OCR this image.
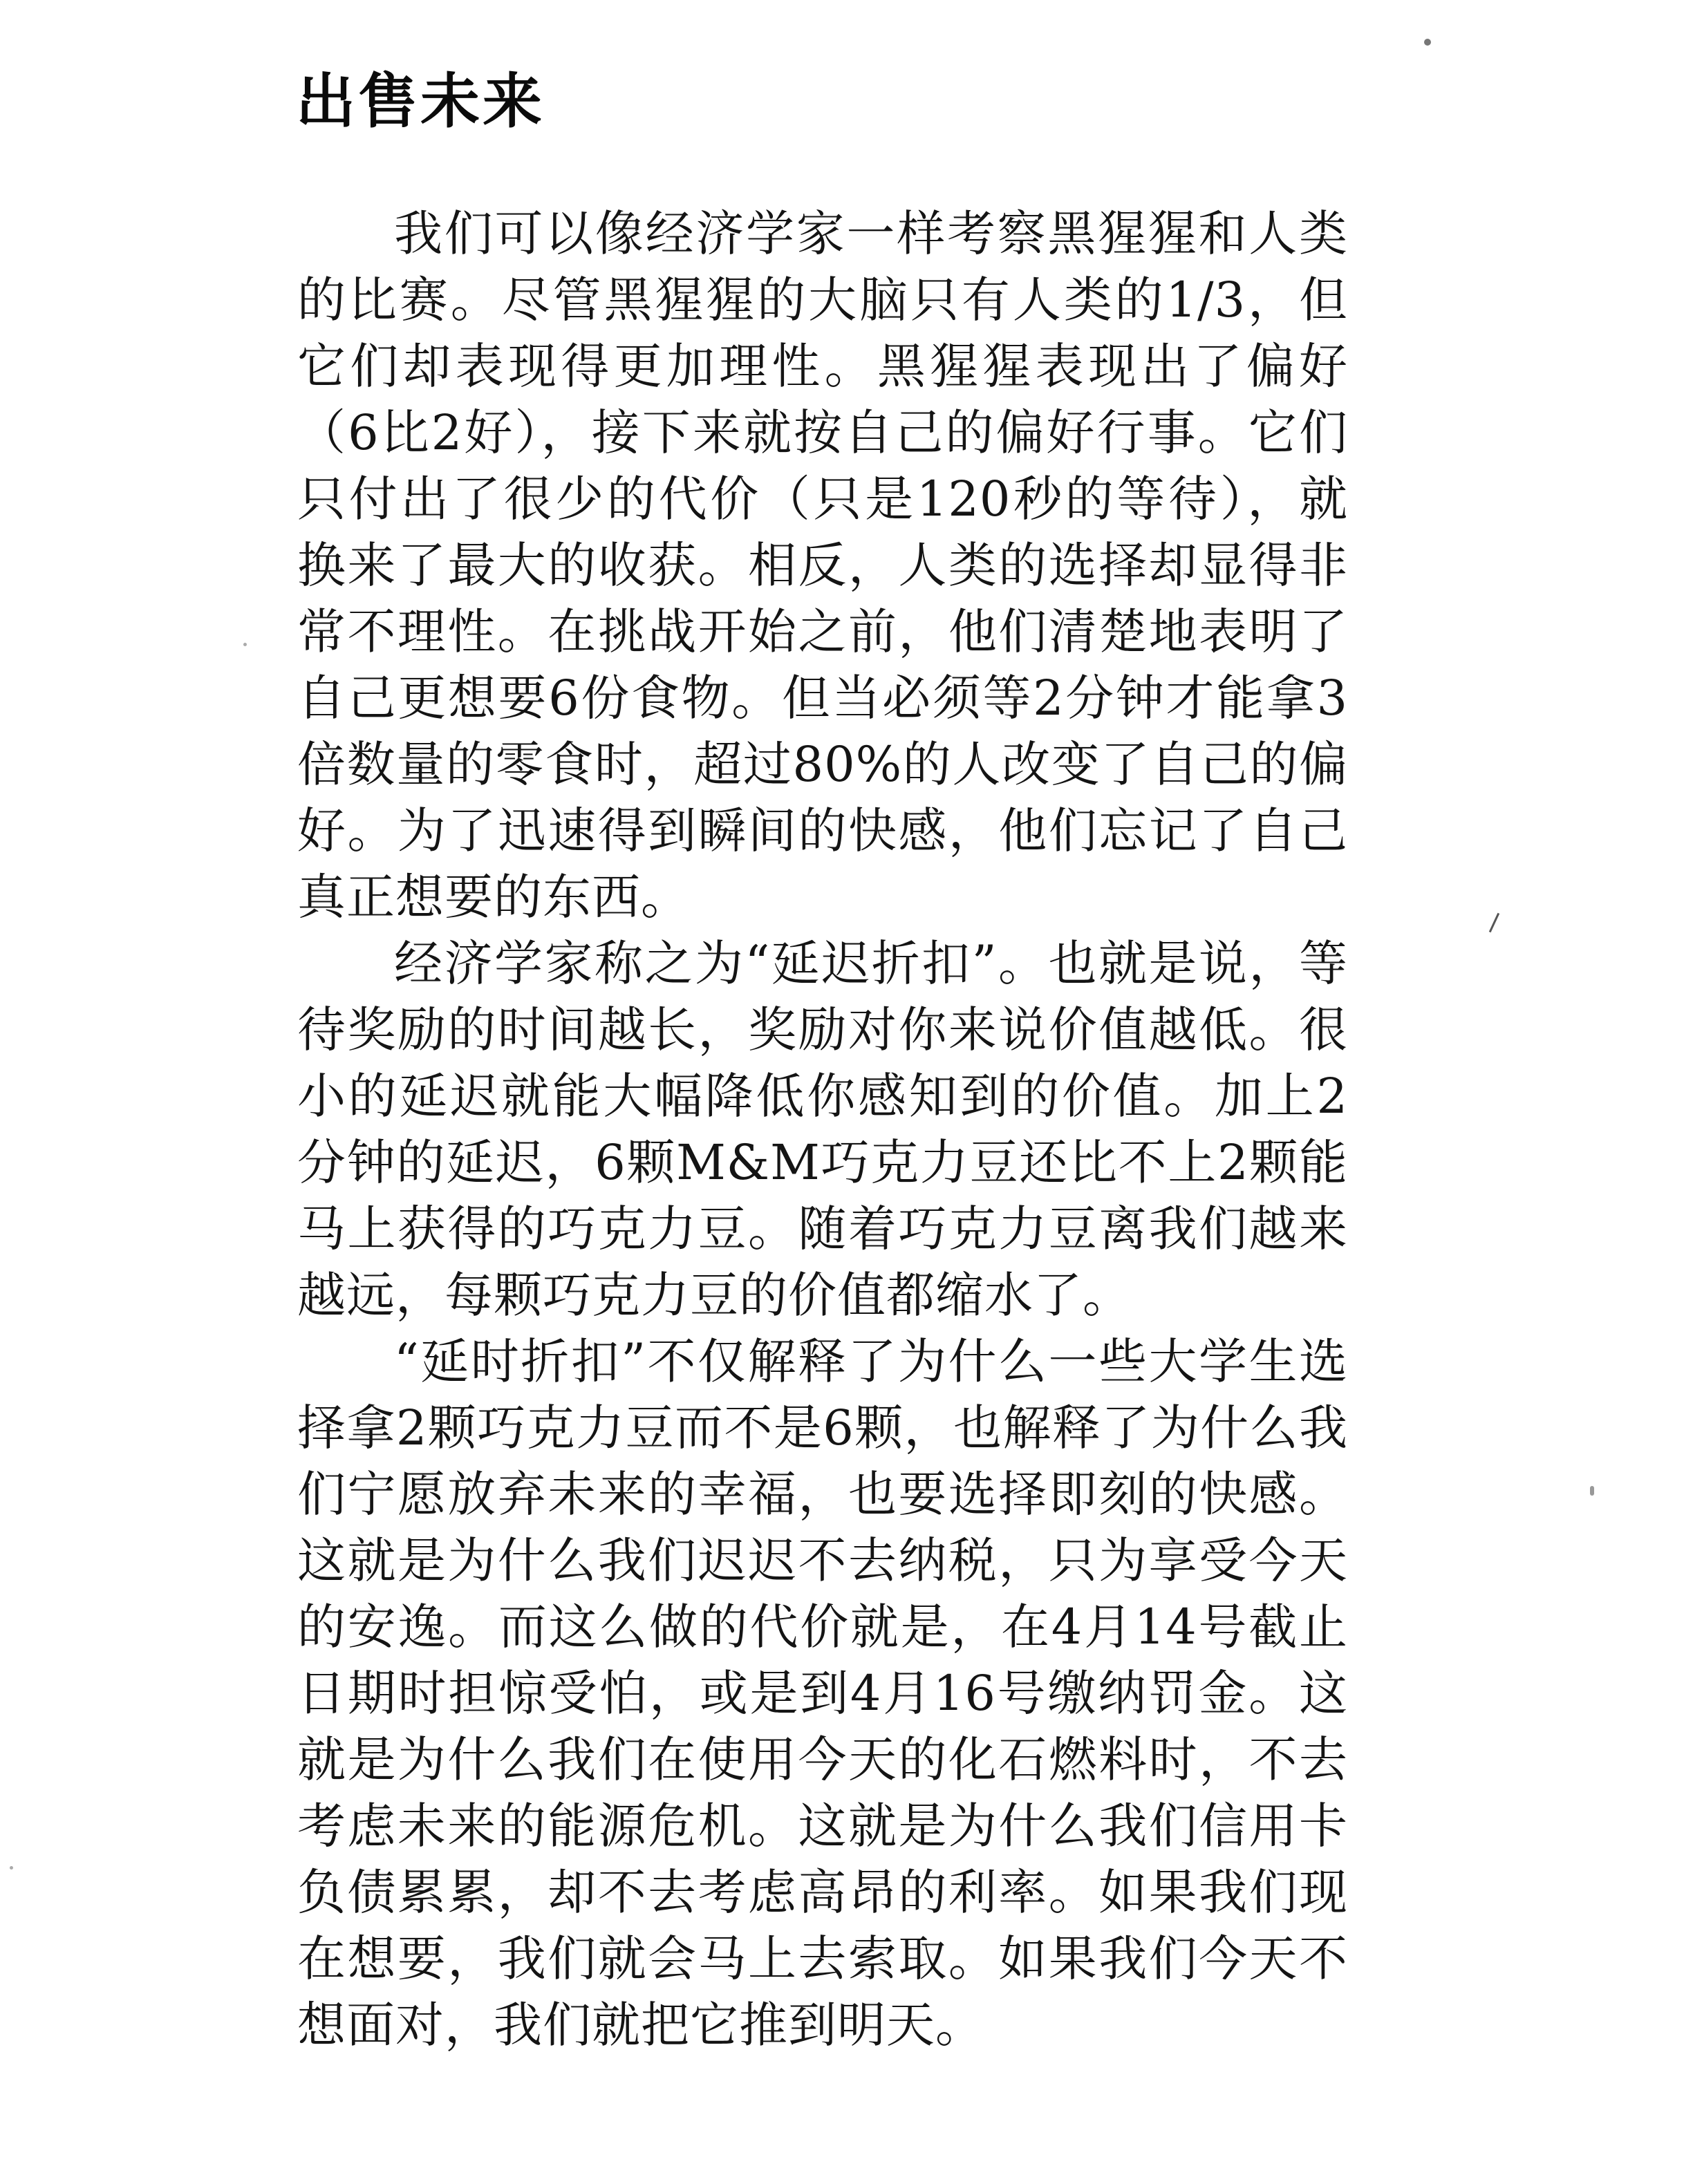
出售未来

我们可以像经济学家一样考察黑猩猩和人类的比赛。尽管黑猩猩的大脑只有人类的1/3，但它们却表现得更加理性。黑猩猩表现出了偏好（6比2好），接下来就按自己的偏好行事。它们只付出了很少的代价（只是120秒的等待），就换来了最大的收获。相反，人类的选择却显得非常不理性。在挑战开始之前，他们清楚地表明了自己更想要6份食物。但当必须等2分钟才能拿3倍数量的零食时，超过80%的人改变了自己的偏好。为了迅速得到瞬间的快感，他们忘记了自己真正想要的东西。

经济学家称之为“延迟折扣”。也就是说，等待奖励的时间越长，奖励对你来说价值越低。很小的延迟就能大幅降低你感知到的价值。加上2分钟的延迟，6颗M&M巧克力豆还比不上2颗能马上获得的巧克力豆。随着巧克力豆离我们越来越远，每颗巧克力豆的价值都缩水了。

“延时折扣”不仅解释了为什么一些大学生选择拿2颗巧克力豆而不是6颗，也解释了为什么我们宁愿放弃未来的幸福，也要选择即刻的快感。这就是为什么我们迟迟不去纳税，只为享受今天的安逸。而这么做的代价就是，在4月14号截止日期时担惊受怕，或是到4月16号缴纳罚金。这就是为什么我们在使用今天的化石燃料时，不去考虑未来的能源危机。这就是为什么我们信用卡负债累累，却不去考虑高昂的利率。如果我们现在想要，我们就会马上去索取。如果我们今天不想面对，我们就把它推到明天。
